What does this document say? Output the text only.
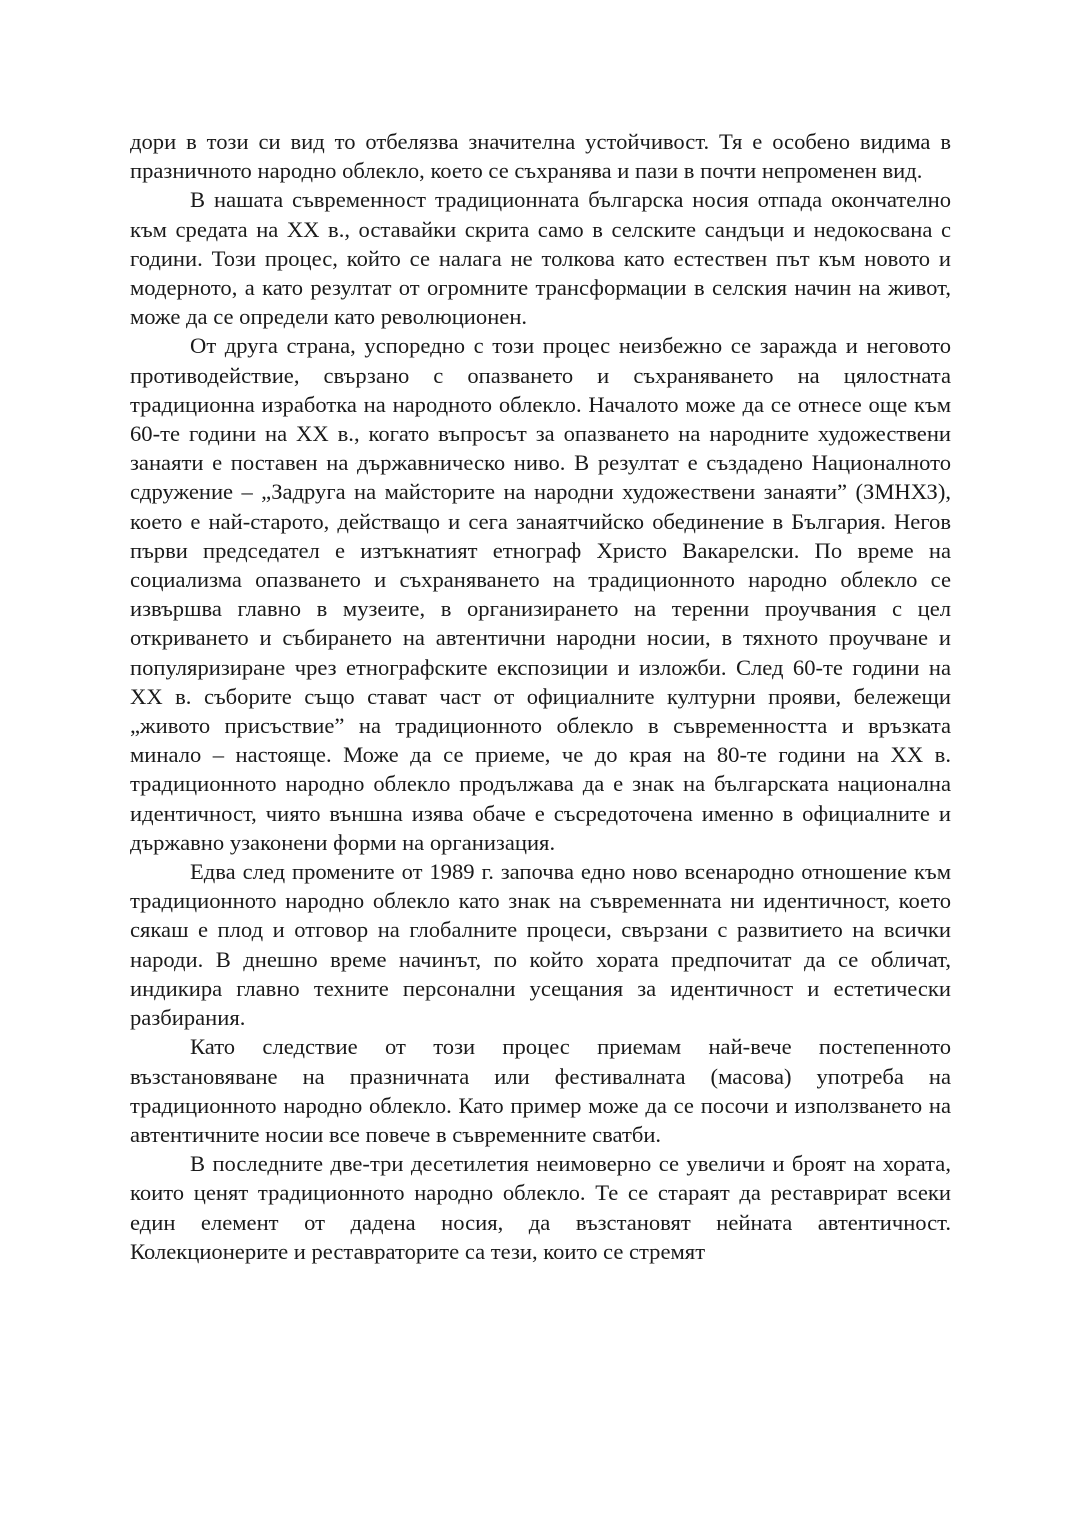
дори в този си вид то отбелязва значителна устойчивост. Тя е особено видима в празничното народно облекло, което се съхранява и пази в почти непроменен вид.

В нашата съвременност традиционната българска носия отпада окончателно към средата на XX в., оставайки скрита само в селските сандъци и недокосвана с години. Този процес, който се налага не толкова като естествен път към новото и модерното, а като резултат от огромните трансформации в селския начин на живот, може да се определи като революционен.

От друга страна, успоредно с този процес неизбежно се заражда и неговото противодействие, свързано с опазването и съхраняването на цялостната традиционна изработка на народното облекло. Началото може да се отнесе още към 60-те години на XX в., когато въпросът за опазването на народните художествени занаяти е поставен на държавническо ниво. В резултат е създадено Националното сдружение – „Задруга на майсторите на народни художествени занаяти” (ЗМНХЗ), което е най-старото, действащо и сега занаятчийско обединение в България. Негов първи председател е изтъкнатият етнограф Христо Вакарелски. По време на социализма опазването и съхраняването на традиционното народно облекло се извършва главно в музеите, в организирането на теренни проучвания с цел откриването и събирането на автентични народни носии, в тяхното проучване и популяризиране чрез етнографските експозиции и изложби. След 60-те години на XX в. съборите също стават част от официалните културни прояви, бележещи „живото присъствие” на традиционното облекло в съвременността и връзката минало – настояще. Може да се приеме, че до края на 80-те години на XX в. традиционното народно облекло продължава да е знак на българската национална идентичност, чиято външна изява обаче е съсредоточена именно в официалните и държавно узаконени форми на организация.

Едва след промените от 1989 г. започва едно ново всенародно отношение към традиционното народно облекло като знак на съвременната ни идентичност, което сякаш е плод и отговор на глобалните процеси, свързани с развитието на всички народи. В днешно време начинът, по който хората предпочитат да се обличат, индикира главно техните персонални усещания за идентичност и естетически разбирания.

Като следствие от този процес приемам най-вече постепенното възстановяване на празничната или фестивалната (масова) употреба на традиционното народно облекло. Като пример може да се посочи и използването на автентичните носии все повече в съвременните сватби.

В последните две-три десетилетия неимоверно се увеличи и броят на хората, които ценят традиционното народно облекло. Те се стараят да реставрират всеки един елемент от дадена носия, да възстановят нейната автентичност. Колекционерите и реставраторите са тези, които се стремят
